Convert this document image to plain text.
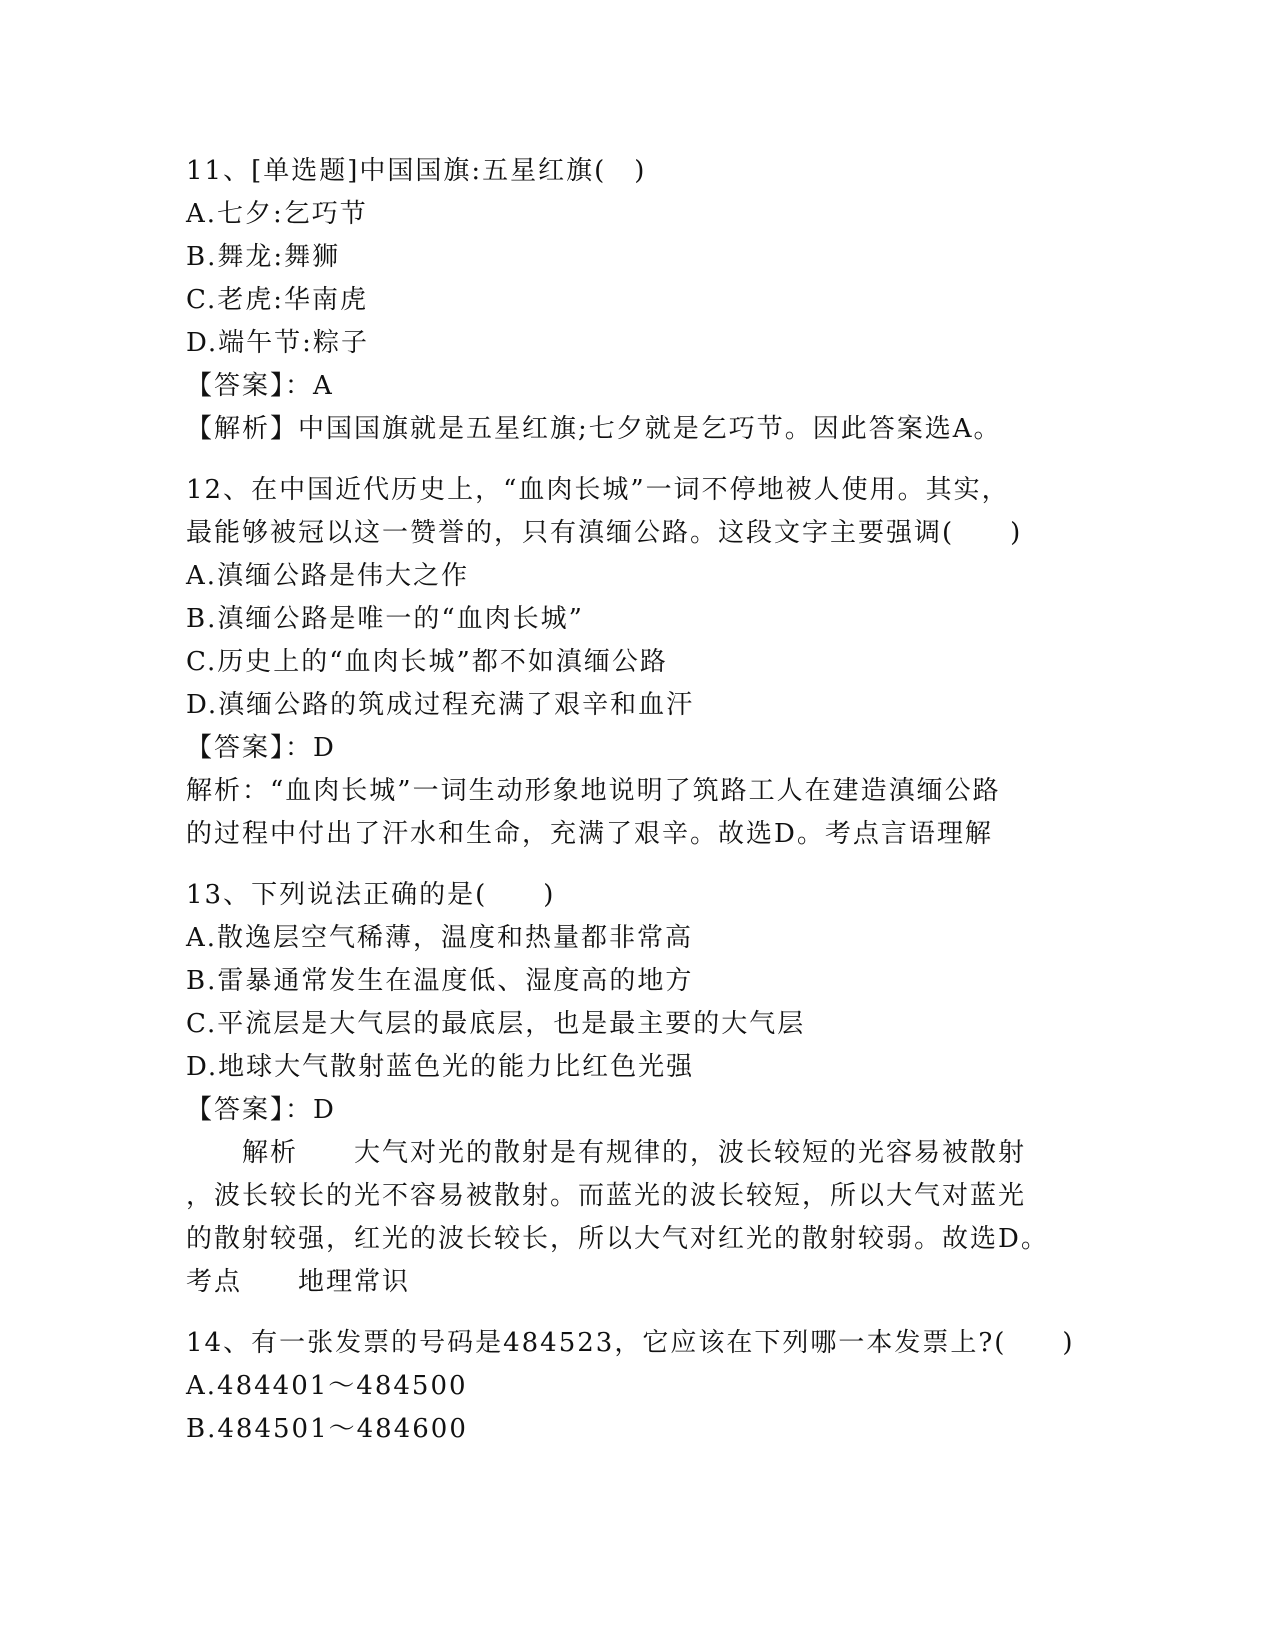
11、[单选题]中国国旗:五星红旗(　)
A.七夕:乞巧节
B.舞龙:舞狮
C.老虎:华南虎
D.端午节:粽子
【答案】：A
【解析】中国国旗就是五星红旗;七夕就是乞巧节。因此答案选A。
12、在中国近代历史上，“血肉长城”一词不停地被人使用。其实，
最能够被冠以这一赞誉的，只有滇缅公路。这段文字主要强调(　　)
A.滇缅公路是伟大之作
B.滇缅公路是唯一的“血肉长城”
C.历史上的“血肉长城”都不如滇缅公路
D.滇缅公路的筑成过程充满了艰辛和血汗
【答案】：D
解析：“血肉长城”一词生动形象地说明了筑路工人在建造滇缅公路
的过程中付出了汗水和生命，充满了艰辛。故选D。考点言语理解
13、下列说法正确的是(　　)
A.散逸层空气稀薄，温度和热量都非常高
B.雷暴通常发生在温度低、湿度高的地方
C.平流层是大气层的最底层，也是最主要的大气层
D.地球大气散射蓝色光的能力比红色光强
【答案】：D
　　解析　　大气对光的散射是有规律的，波长较短的光容易被散射
，波长较长的光不容易被散射。而蓝光的波长较短，所以大气对蓝光
的散射较强，红光的波长较长，所以大气对红光的散射较弱。故选D。
考点　　地理常识
14、有一张发票的号码是484523，它应该在下列哪一本发票上?(　　)
A.484401～484500
B.484501～484600
